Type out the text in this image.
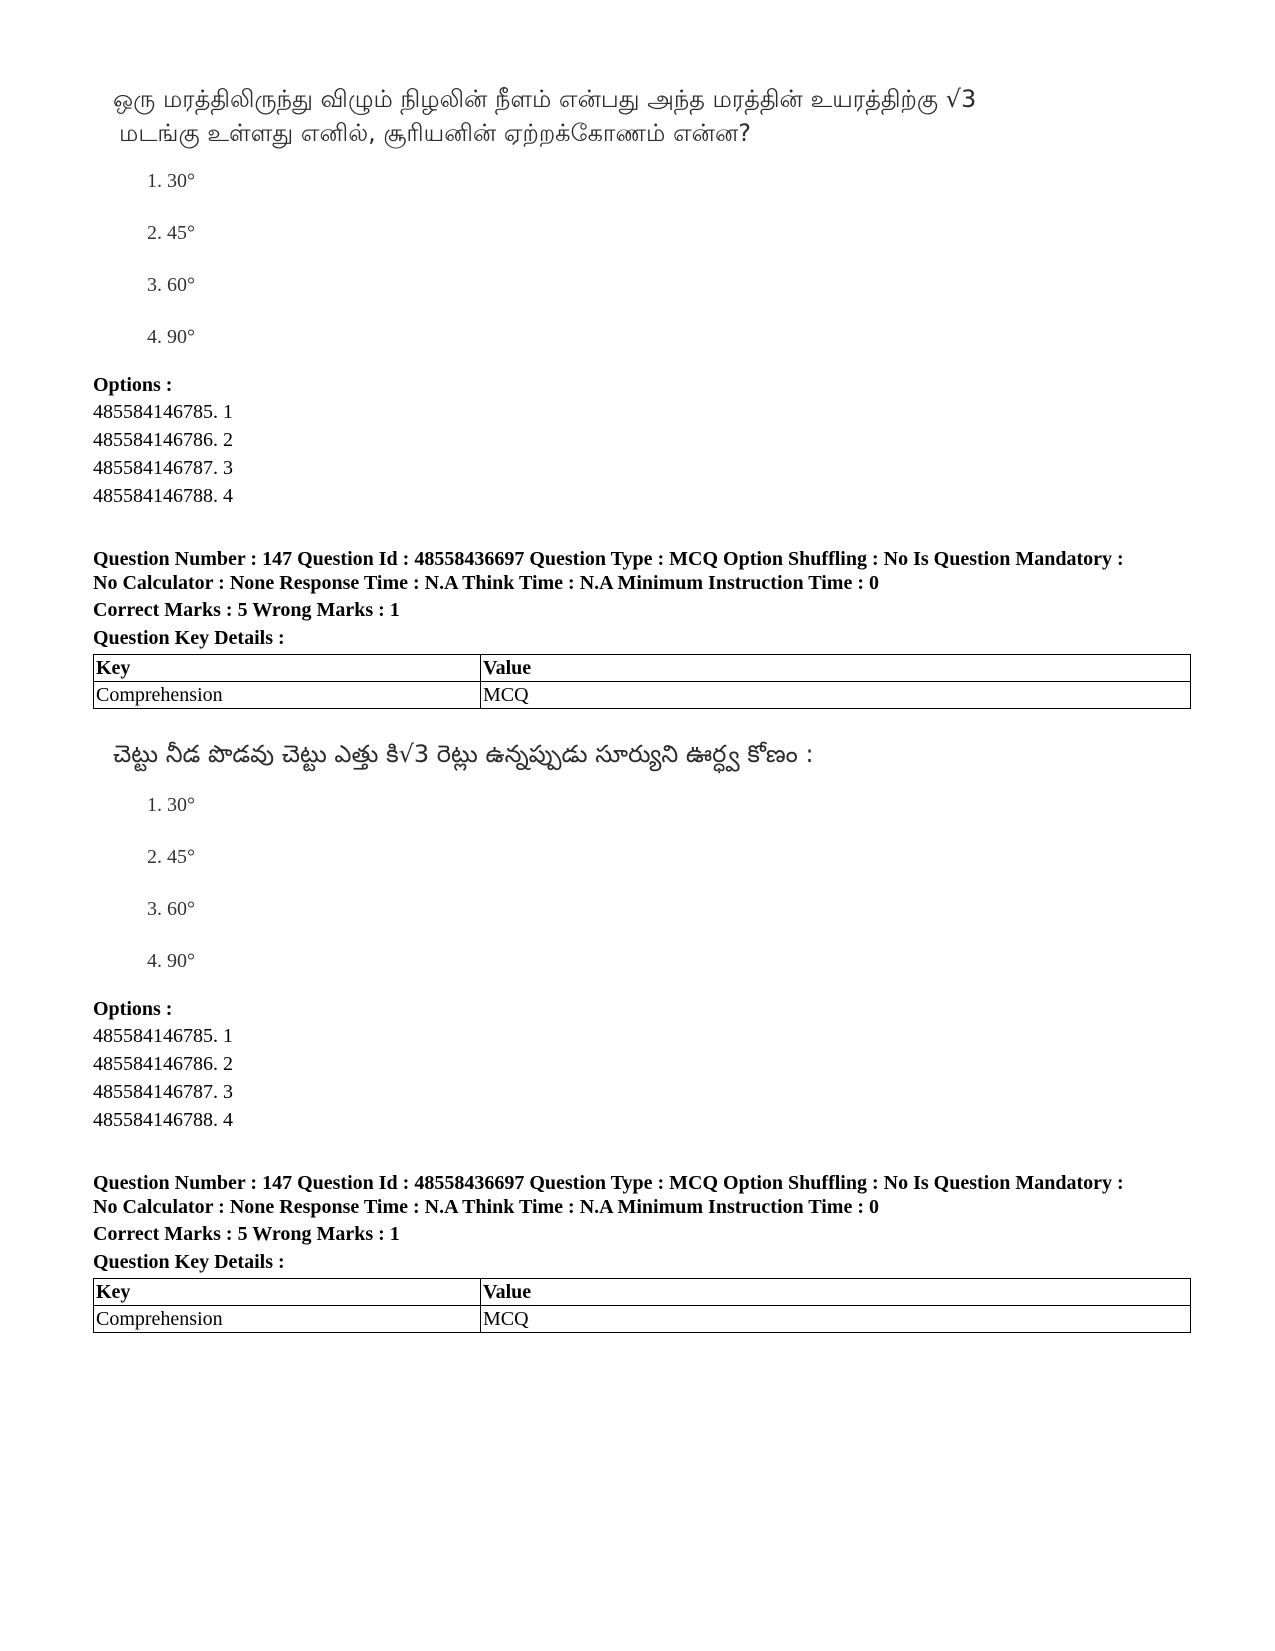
ஒரு மரத்திலிருந்து விழும் நிழலின் நீளம் என்பது அந்த மரத்தின் உயரத்திற்கு √3
மடங்கு உள்ளது எனில், சூரியனின் ஏற்றக்கோணம் என்ன?
1. 30°
2. 45°
3. 60°
4. 90°
Options :
485584146785. 1
485584146786. 2
485584146787. 3
485584146788. 4
Question Number : 147 Question Id : 48558436697 Question Type : MCQ Option Shuffling : No Is Question Mandatory :
No Calculator : None Response Time : N.A Think Time : N.A Minimum Instruction Time : 0
Correct Marks : 5 Wrong Marks : 1
Question Key Details :
Key	Value
Comprehension	MCQ
చెట్టు నీడ పొడవు చెట్టు ఎత్తు కి√3 రెట్లు ఉన్నప్పుడు సూర్యుని ఊర్ధ్వ కోణం :
1. 30°
2. 45°
3. 60°
4. 90°
Options :
485584146785. 1
485584146786. 2
485584146787. 3
485584146788. 4
Question Number : 147 Question Id : 48558436697 Question Type : MCQ Option Shuffling : No Is Question Mandatory :
No Calculator : None Response Time : N.A Think Time : N.A Minimum Instruction Time : 0
Correct Marks : 5 Wrong Marks : 1
Question Key Details :
Key	Value
Comprehension	MCQ
